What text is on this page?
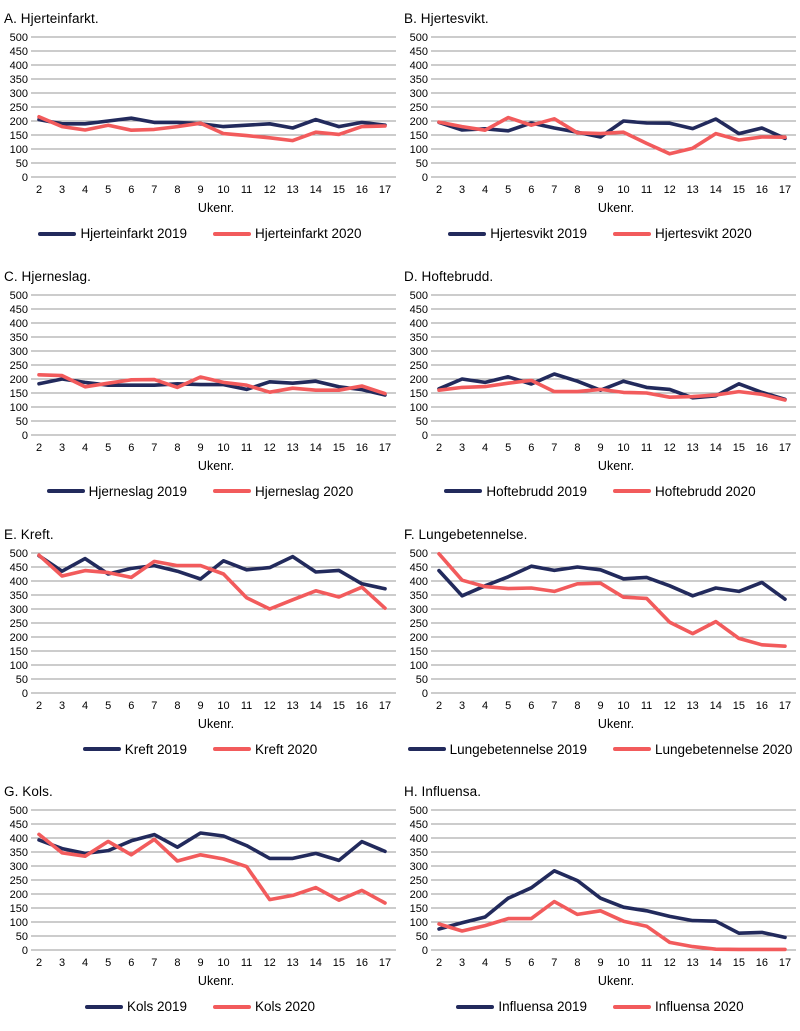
A. Hjerteinfarkt.
0
50
100
150
200
250
300
350
400
450
500
2 3 4 5 6 7 8 9 10 11 12 13 14 15 16 17
Ukenr.
Hjerteinfarkt 2019	Hjerteinfarkt 2020
B. Hjertesvikt.
0
50
100
150
200
250
300
350
400
450
500
2 3 4 5 6 7 8 9 10 11 12 13 14 15 16 17
Ukenr.
Hjertesvikt 2019	Hjertesvikt 2020
C. Hjerneslag.
0
50
100
150
200
250
300
350
400
450
500
2 3 4 5 6 7 8 9 10 11 12 13 14 15 16 17
Ukenr.
Hjerneslag 2019	Hjerneslag 2020
D. Hoftebrudd.
0
50
100
150
200
250
300
350
400
450
500
2 3 4 5 6 7 8 9 10 11 12 13 14 15 16 17
Ukenr.
Hoftebrudd 2019	Hoftebrudd 2020
E. Kreft.
0
50
100
150
200
250
300
350
400
450
500
2 3 4 5 6 7 8 9 10 11 12 13 14 15 16 17
Ukenr.
Kreft 2019	Kreft 2020
F. Lungebetennelse.
0
50
100
150
200
250
300
350
400
450
500
2 3 4 5 6 7 8 9 10 11 12 13 14 15 16 17
Ukenr.
Lungebetennelse 2019	Lungebetennelse 2020
G. Kols.
0
50
100
150
200
250
300
350
400
450
500
2 3 4 5 6 7 8 9 10 11 12 13 14 15 16 17
Ukenr.
Kols 2019	Kols 2020
H. Influensa.
0
50
100
150
200
250
300
350
400
450
500
2 3 4 5 6 7 8 9 10 11 12 13 14 15 16 17
Ukenr.
Influensa 2019	Influensa 2020
